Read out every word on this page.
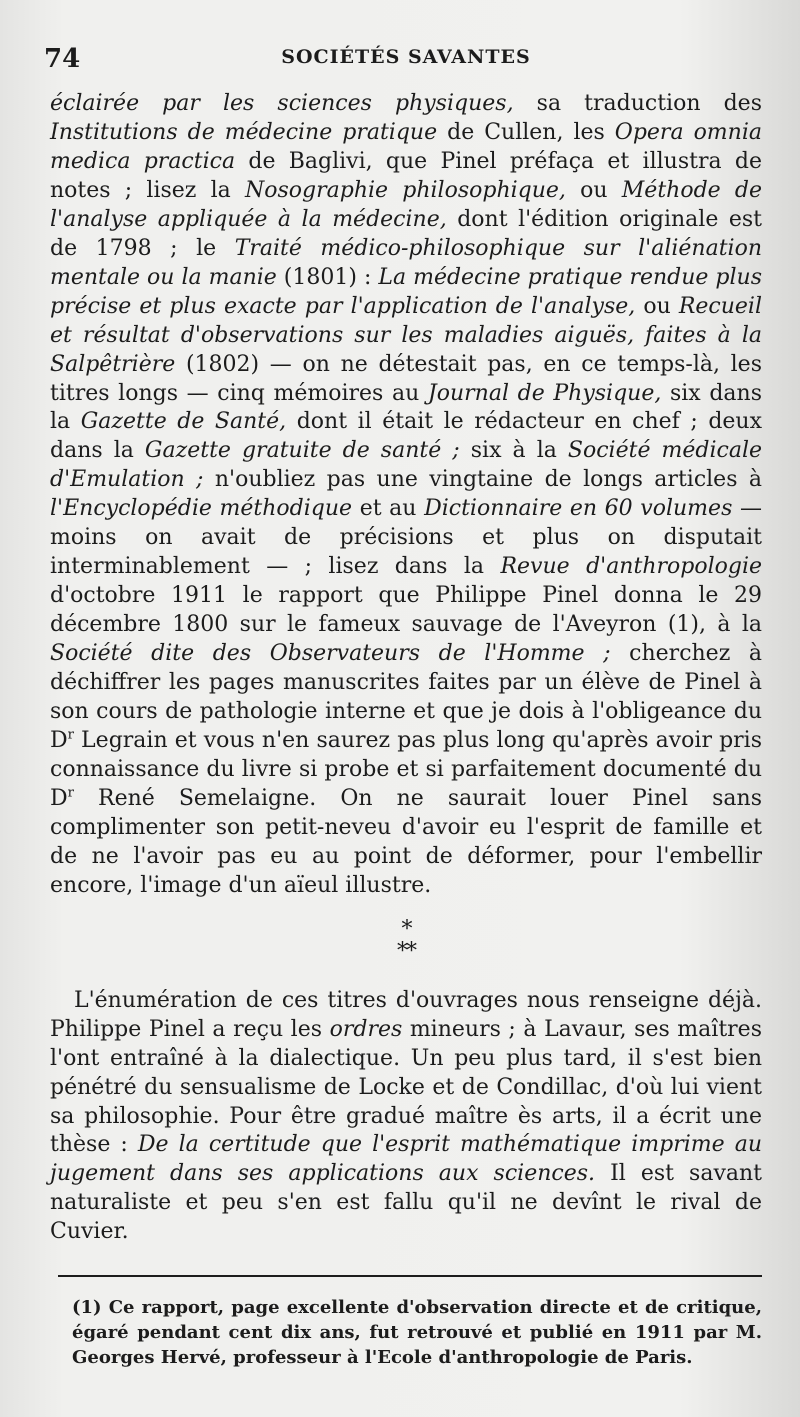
74	SOCIÉTÉS SAVANTES

éclairée par les sciences physiques, sa traduction des Institutions de médecine pratique de Cullen, les Opera omnia medica practica de Baglivi, que Pinel préfaça et illustra de notes ; lisez la Nosographie philosophique, ou Méthode de l'analyse appliquée à la médecine, dont l'édition originale est de 1798 ; le Traité médico-philosophique sur l'aliénation mentale ou la manie (1801) : La médecine pratique rendue plus précise et plus exacte par l'application de l'analyse, ou Recueil et résultat d'observations sur les maladies aiguës, faites à la Salpêtrière (1802) — on ne détestait pas, en ce temps-là, les titres longs — cinq mémoires au Journal de Physique, six dans la Gazette de Santé, dont il était le rédacteur en chef ; deux dans la Gazette gratuite de santé ; six à la Société médicale d'Emulation ; n'oubliez pas une vingtaine de longs articles à l'Encyclopédie méthodique et au Dictionnaire en 60 volumes — moins on avait de précisions et plus on disputait interminablement — ; lisez dans la Revue d'anthropologie d'octobre 1911 le rapport que Philippe Pinel donna le 29 décembre 1800 sur le fameux sauvage de l'Aveyron (1), à la Société dite des Observateurs de l'Homme ; cherchez à déchiffrer les pages manuscrites faites par un élève de Pinel à son cours de pathologie interne et que je dois à l'obligeance du $D^r$ Legrain et vous n'en saurez pas plus long qu'après avoir pris connaissance du livre si probe et si parfaitement documenté du $D^r$ René Semelaigne. On ne saurait louer Pinel sans complimenter son petit-neveu d'avoir eu l'esprit de famille et de ne l'avoir pas eu au point de déformer, pour l'embellir encore, l'image d'un aïeul illustre.

*
**

L'énumération de ces titres d'ouvrages nous renseigne déjà. Philippe Pinel a reçu les ordres mineurs ; à Lavaur, ses maîtres l'ont entraîné à la dialectique. Un peu plus tard, il s'est bien pénétré du sensualisme de Locke et de Condillac, d'où lui vient sa philosophie. Pour être gradué maître ès arts, il a écrit une thèse : De la certitude que l'esprit mathématique imprime au jugement dans ses applications aux sciences. Il est savant naturaliste et peu s'en est fallu qu'il ne devînt le rival de Cuvier.

(1) Ce rapport, page excellente d'observation directe et de critique, égaré pendant cent dix ans, fut retrouvé et publié en 1911 par M. Georges Hervé, professeur à l'Ecole d'anthropologie de Paris.
